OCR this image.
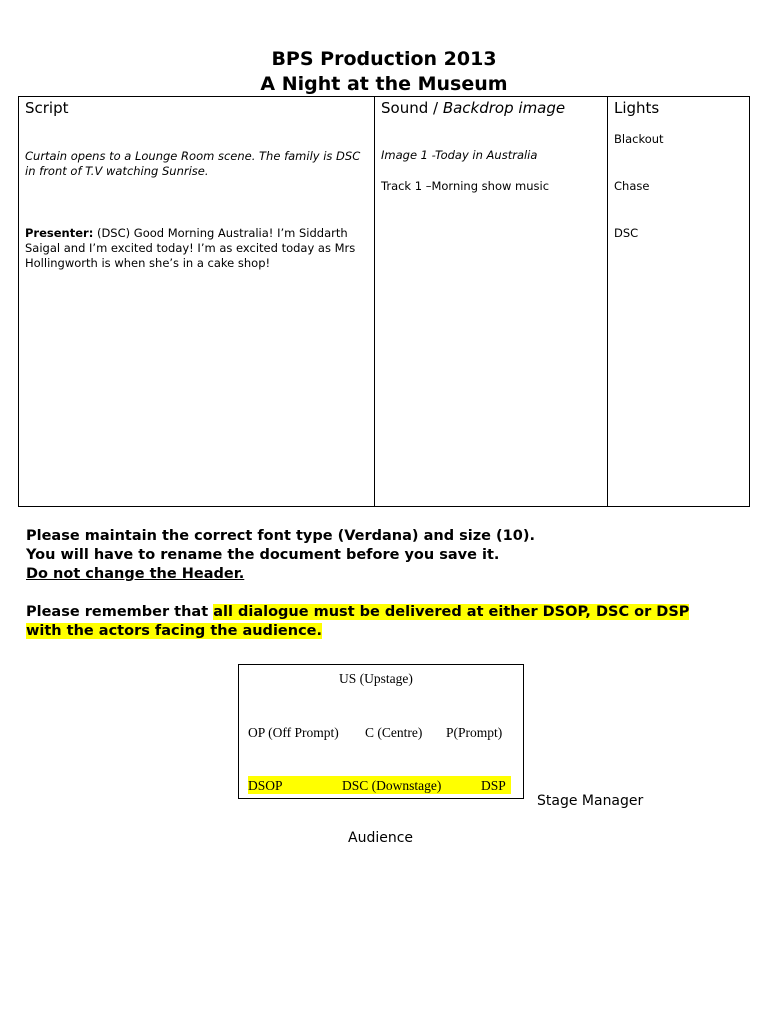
BPS Production 2013
A Night at the Museum
Script
Curtain opens to a Lounge Room scene. The family is DSC in front of T.V watching Sunrise.
Presenter: (DSC) Good Morning Australia! I’m Siddarth Saigal and I’m excited today! I’m as excited today as Mrs Hollingworth is when she’s in a cake shop!
Sound / Backdrop image
Image 1 -Today in Australia
Track 1 –Morning show music
Lights
Blackout
Chase
DSC
Please maintain the correct font type (Verdana) and size (10).
You will have to rename the document before you save it.
Do not change the Header.
Please remember that all dialogue must be delivered at either DSOP, DSC or DSP
with the actors facing the audience.
US (Upstage)
OP (Off Prompt) C (Centre) P(Prompt)
DSOP	DSC (Downstage)	DSP
Stage Manager
Audience
